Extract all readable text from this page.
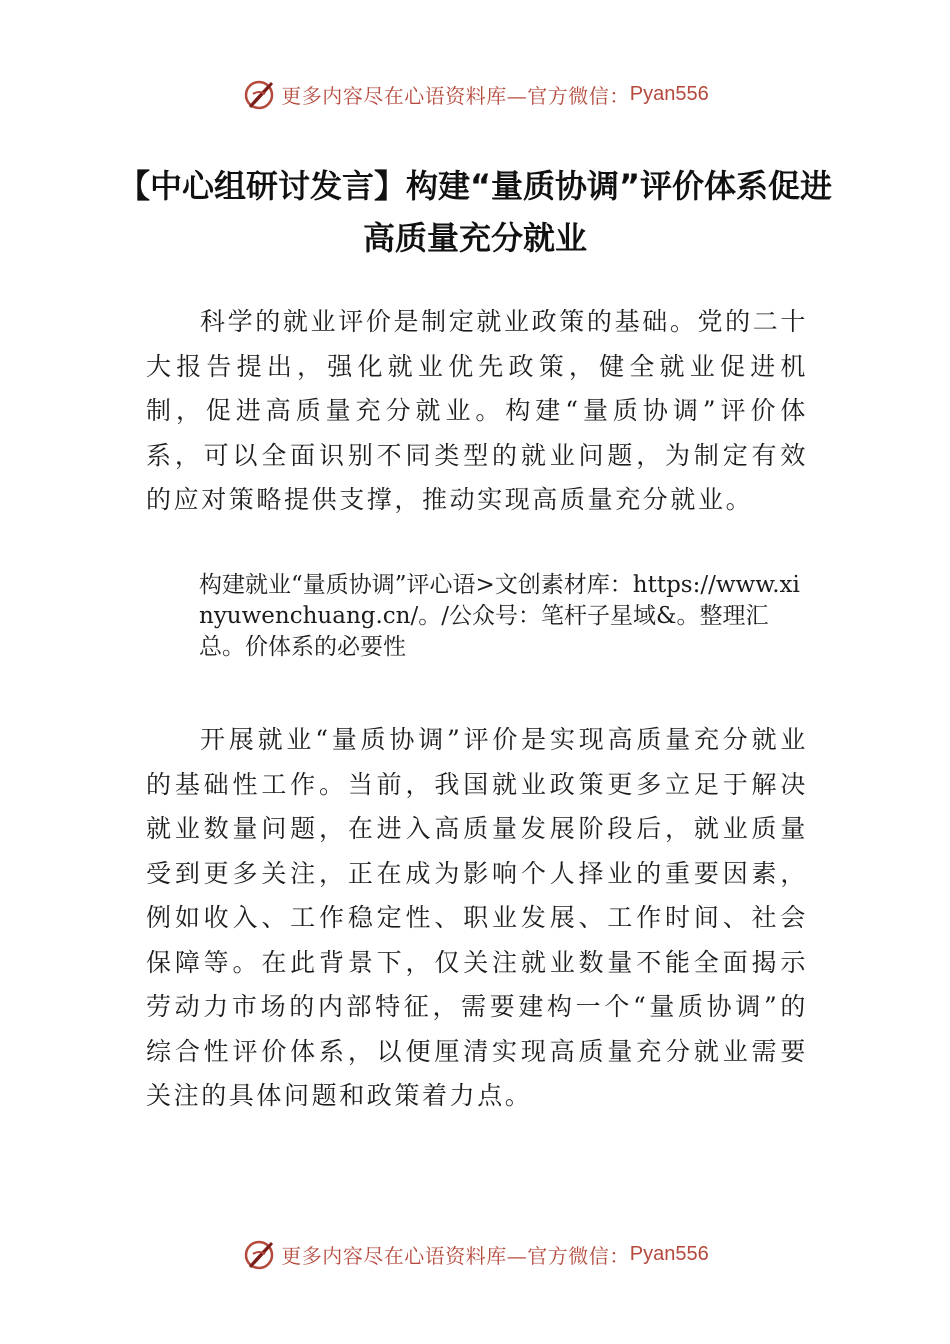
更多内容尽在心语资料库—官方微信： Pyan556
【中心组研讨发言】构建“量质协调”评价体系促进高质量充分就业

科学的就业评价是制定就业政策的基础。党的二十大报告提出，强化就业优先政策，健全就业促进机制，促进高质量充分就业。构建“量质协调”评价体系，可以全面识别不同类型的就业问题，为制定有效的应对策略提供支撑，推动实现高质量充分就业。

构建就业“量质协调”评心语>文创素材库：https://www.xinyuwenchuang.cn/。/公众号：笔杆子星域&。整理汇总。价体系的必要性

开展就业“量质协调”评价是实现高质量充分就业的基础性工作。当前，我国就业政策更多立足于解决就业数量问题，在进入高质量发展阶段后，就业质量受到更多关注，正在成为影响个人择业的重要因素，例如收入、工作稳定性、职业发展、工作时间、社会保障等。在此背景下，仅关注就业数量不能全面揭示劳动力市场的内部特征，需要建构一个“量质协调”的综合性评价体系，以便厘清实现高质量充分就业需要关注的具体问题和政策着力点。

更多内容尽在心语资料库—官方微信： Pyan556
